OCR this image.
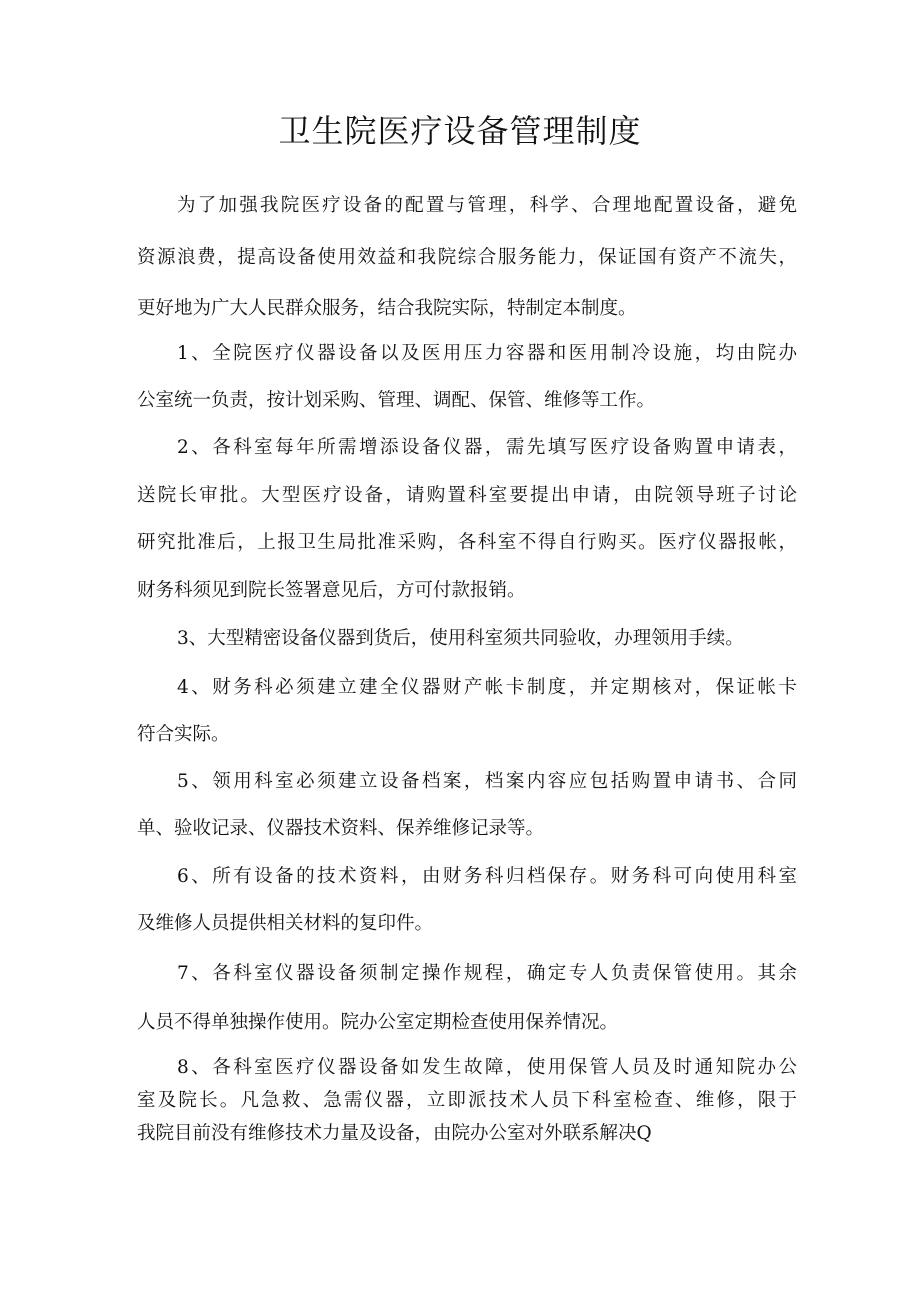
卫生院医疗设备管理制度

为了加强我院医疗设备的配置与管理，科学、合理地配置设备，避免
资源浪费，提高设备使用效益和我院综合服务能力，保证国有资产不流失，
更好地为广大人民群众服务，结合我院实际，特制定本制度。

1、全院医疗仪器设备以及医用压力容器和医用制冷设施，均由院办
公室统一负责，按计划采购、管理、调配、保管、维修等工作。

2、各科室每年所需增添设备仪器，需先填写医疗设备购置申请表，
送院长审批。大型医疗设备，请购置科室要提出申请，由院领导班子讨论
研究批准后，上报卫生局批准采购，各科室不得自行购买。医疗仪器报帐，
财务科须见到院长签署意见后，方可付款报销。

3、大型精密设备仪器到货后，使用科室须共同验收，办理领用手续。

4、财务科必须建立建全仪器财产帐卡制度，并定期核对，保证帐卡
符合实际。

5、领用科室必须建立设备档案，档案内容应包括购置申请书、合同
单、验收记录、仪器技术资料、保养维修记录等。

6、所有设备的技术资料，由财务科归档保存。财务科可向使用科室
及维修人员提供相关材料的复印件。

7、各科室仪器设备须制定操作规程，确定专人负责保管使用。其余
人员不得单独操作使用。院办公室定期检查使用保养情况。

8、各科室医疗仪器设备如发生故障，使用保管人员及时通知院办公
室及院长。凡急救、急需仪器，立即派技术人员下科室检查、维修，限于
我院目前没有维修技术力量及设备，由院办公室对外联系解决Q
